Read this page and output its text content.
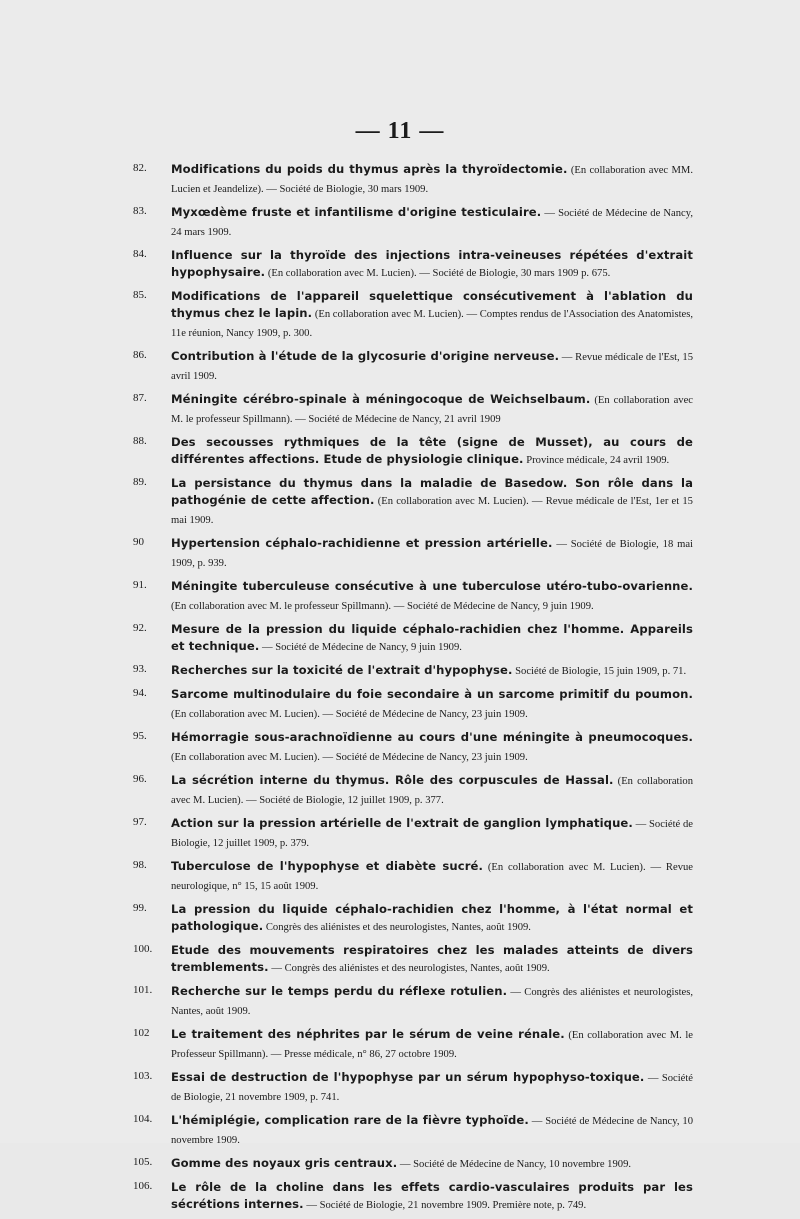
— 11 —
82. Modifications du poids du thymus après la thyroïdectomie. (En collaboration avec MM. Lucien et Jeandelize). — Société de Biologie, 30 mars 1909.
83. Myxœdème fruste et infantilisme d'origine testiculaire. — Société de Médecine de Nancy, 24 mars 1909.
84. Influence sur la thyroïde des injections intra-veineuses répétées d'extrait hypophysaire. (En collaboration avec M. Lucien). — Société de Biologie, 30 mars 1909 p. 675.
85. Modifications de l'appareil squelettique consécutivement à l'ablation du thymus chez le lapin. (En collaboration avec M. Lucien). — Comptes rendus de l'Association des Anatomistes, 11e réunion, Nancy 1909, p. 300.
86. Contribution à l'étude de la glycosurie d'origine nerveuse. — Revue médicale de l'Est, 15 avril 1909.
87. Méningite cérébro-spinale à méningocoque de Weichselbaum. (En collaboration avec M. le professeur Spillmann). — Société de Médecine de Nancy, 21 avril 1909
88. Des secousses rythmiques de la tête (signe de Musset), au cours de différentes affections. Etude de physiologie clinique. Province médicale, 24 avril 1909.
89. La persistance du thymus dans la maladie de Basedow. Son rôle dans la pathogénie de cette affection. (En collaboration avec M. Lucien). — Revue médicale de l'Est, 1er et 15 mai 1909.
90 Hypertension céphalo-rachidienne et pression artérielle. — Société de Biologie, 18 mai 1909, p. 939.
91. Méningite tuberculeuse consécutive à une tuberculose utéro-tubo-ovarienne. (En collaboration avec M. le professeur Spillmann). — Société de Médecine de Nancy, 9 juin 1909.
92. Mesure de la pression du liquide céphalo-rachidien chez l'homme. Appareils et technique. — Société de Médecine de Nancy, 9 juin 1909.
93. Recherches sur la toxicité de l'extrait d'hypophyse. Société de Biologie, 15 juin 1909, p. 71.
94. Sarcome multinodulaire du foie secondaire à un sarcome primitif du poumon. (En collaboration avec M. Lucien). — Société de Médecine de Nancy, 23 juin 1909.
95. Hémorragie sous-arachnoïdienne au cours d'une méningite à pneumocoques. (En collaboration avec M. Lucien). — Société de Médecine de Nancy, 23 juin 1909.
96. La sécrétion interne du thymus. Rôle des corpuscules de Hassal. (En collaboration avec M. Lucien). — Société de Biologie, 12 juillet 1909, p. 377.
97. Action sur la pression artérielle de l'extrait de ganglion lymphatique. — Société de Biologie, 12 juillet 1909, p. 379.
98. Tuberculose de l'hypophyse et diabète sucré. (En collaboration avec M. Lucien). — Revue neurologique, n° 15, 15 août 1909.
99. La pression du liquide céphalo-rachidien chez l'homme, à l'état normal et pathologique. Congrès des aliénistes et des neurologistes, Nantes, août 1909.
100. Etude des mouvements respiratoires chez les malades atteints de divers tremblements. — Congrès des aliénistes et des neurologistes, Nantes, août 1909.
101. Recherche sur le temps perdu du réflexe rotulien. — Congrès des aliénistes et neurologistes, Nantes, août 1909.
102 Le traitement des néphrites par le sérum de veine rénale. (En collaboration avec M. le Professeur Spillmann). — Presse médicale, n° 86, 27 octobre 1909.
103. Essai de destruction de l'hypophyse par un sérum hypophyso-toxique. — Société de Biologie, 21 novembre 1909, p. 741.
104. L'hémiplégie, complication rare de la fièvre typhoïde. — Société de Médecine de Nancy, 10 novembre 1909.
105. Gomme des noyaux gris centraux. — Société de Médecine de Nancy, 10 novembre 1909.
106. Le rôle de la choline dans les effets cardio-vasculaires produits par les sécrétions internes. — Société de Biologie, 21 novembre 1909. Première note, p. 749.
